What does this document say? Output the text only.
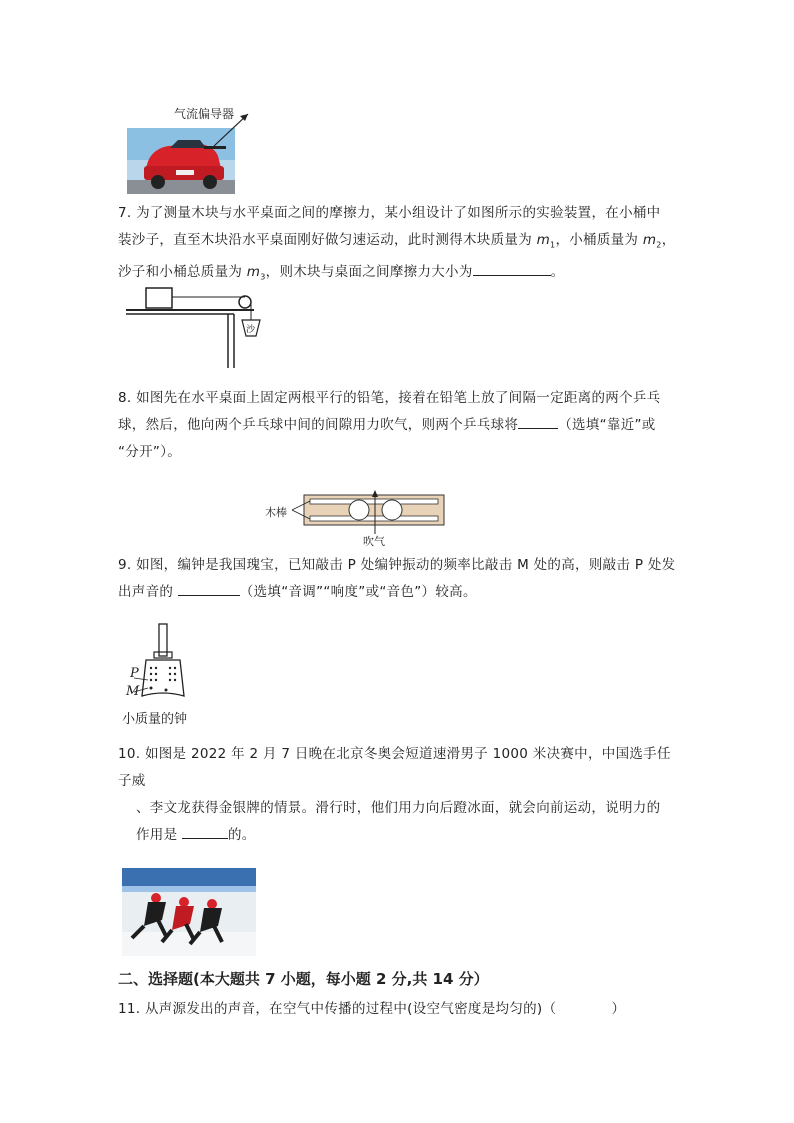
气流偏导器
7. 为了测量木块与水平桌面之间的摩擦力，某小组设计了如图所示的实验装置，在小桶中
装沙子，直至木块沿水平桌面刚好做匀速运动，此时测得木块质量为 $m_1$，小桶质量为 $m_2$，
沙子和小桶总质量为 $m_3$，则木块与桌面之间摩擦力大小为	。
沙
8. 如图先在水平桌面上固定两根平行的铅笔，接着在铅笔上放了间隔一定距离的两个乒乓
球，然后，他向两个乒乓球中间的间隙用力吹气，则两个乒乓球将	（选填“靠近”或
“分开”）。
木棒
吹气
9. 如图，编钟是我国瑰宝，已知敲击 P 处编钟振动的频率比敲击 M 处的高，则敲击 P 处发
出声音的	（选填“音调”“响度”或“音色”）较高。
P
M
小质量的钟
10. 如图是 2022 年 2 月 7 日晚在北京冬奥会短道速滑男子 1000 米决赛中，中国选手任子威
、李文龙获得金银牌的情景。滑行时，他们用力向后蹬冰面，就会向前运动，说明力的
作用是	的。
二、选择题(本大题共 7 小题，每小题 2 分,共 14 分）
11. 从声源发出的声音，在空气中传播的过程中(设空气密度是均匀的)（　　　　）
